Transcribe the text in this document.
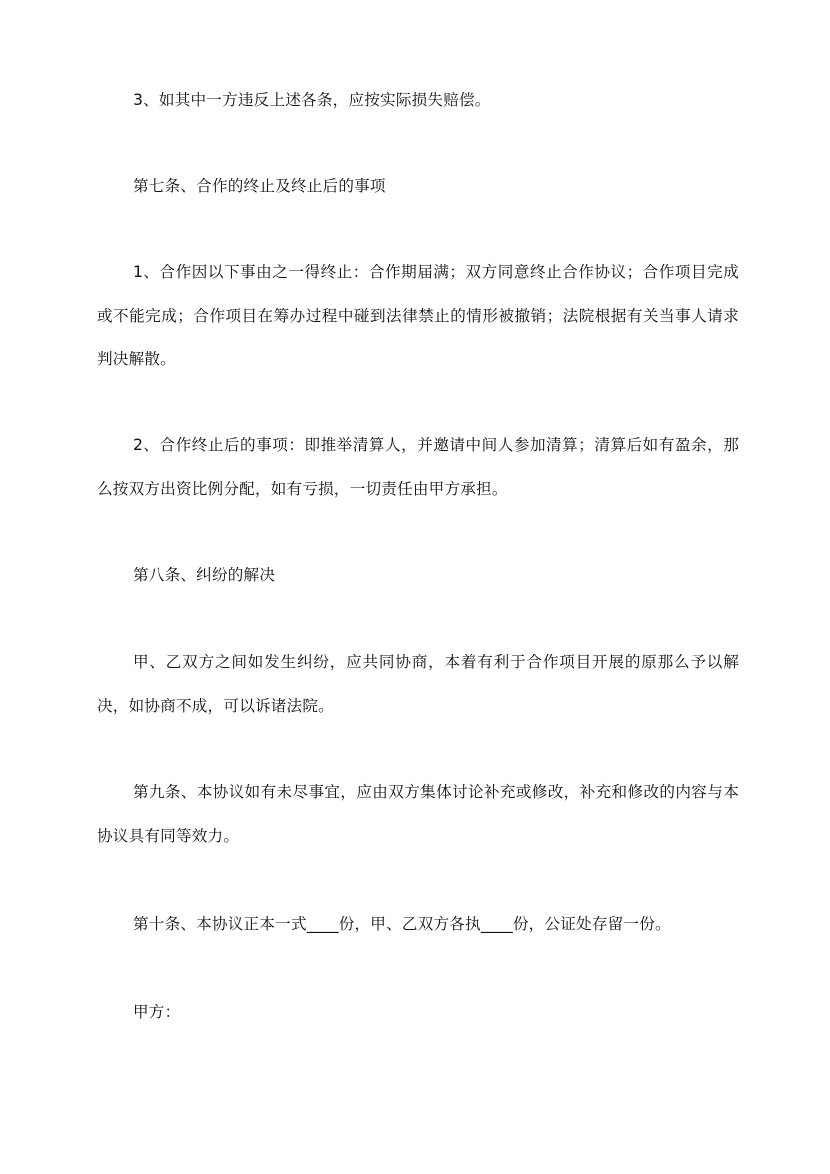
3、如其中一方违反上述各条，应按实际损失赔偿。

第七条、合作的终止及终止后的事项

1、合作因以下事由之一得终止：合作期届满；双方同意终止合作协议；合作项目完成或不能完成；合作项目在筹办过程中碰到法律禁止的情形被撤销；法院根据有关当事人请求判决解散。

2、合作终止后的事项：即推举清算人，并邀请中间人参加清算；清算后如有盈余，那么按双方出资比例分配，如有亏损，一切责任由甲方承担。

第八条、纠纷的解决

甲、乙双方之间如发生纠纷，应共同协商，本着有利于合作项目开展的原那么予以解决，如协商不成，可以诉诸法院。

第九条、本协议如有未尽事宜，应由双方集体讨论补充或修改，补充和修改的内容与本协议具有同等效力。

第十条、本协议正本一式____份，甲、乙双方各执____份，公证处存留一份。

甲方：
